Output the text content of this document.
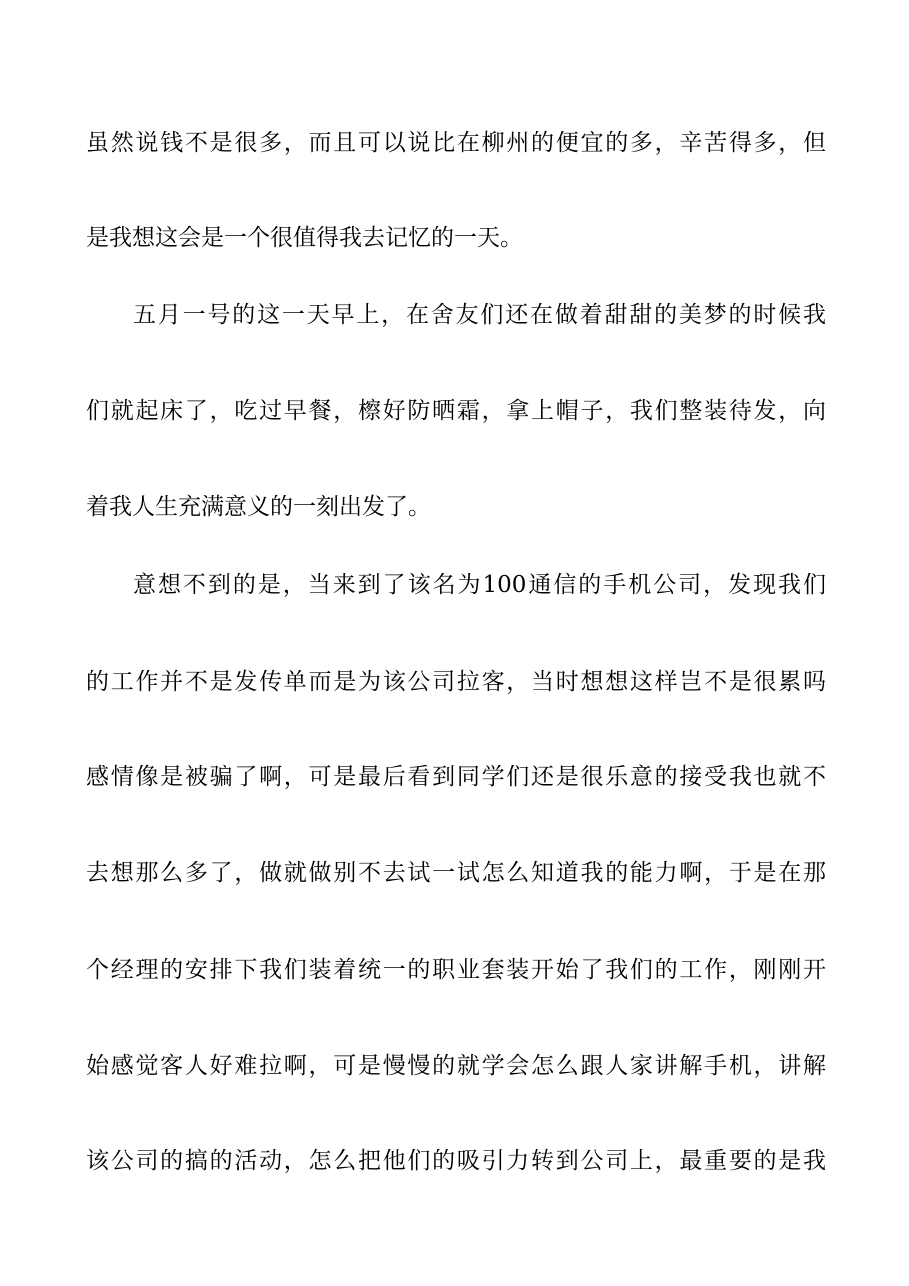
虽然说钱不是很多，而且可以说比在柳州的便宜的多，辛苦得多，但
是我想这会是一个很值得我去记忆的一天。
五月一号的这一天早上，在舍友们还在做着甜甜的美梦的时候我
们就起床了，吃过早餐，檫好防晒霜，拿上帽子，我们整装待发，向
着我人生充满意义的一刻出发了。
意想不到的是，当来到了该名为100通信的手机公司，发现我们
的工作并不是发传单而是为该公司拉客，当时想想这样岂不是很累吗
感情像是被骗了啊，可是最后看到同学们还是很乐意的接受我也就不
去想那么多了，做就做别不去试一试怎么知道我的能力啊，于是在那
个经理的安排下我们装着统一的职业套装开始了我们的工作，刚刚开
始感觉客人好难拉啊，可是慢慢的就学会怎么跟人家讲解手机，讲解
该公司的搞的活动，怎么把他们的吸引力转到公司上，最重要的是我
